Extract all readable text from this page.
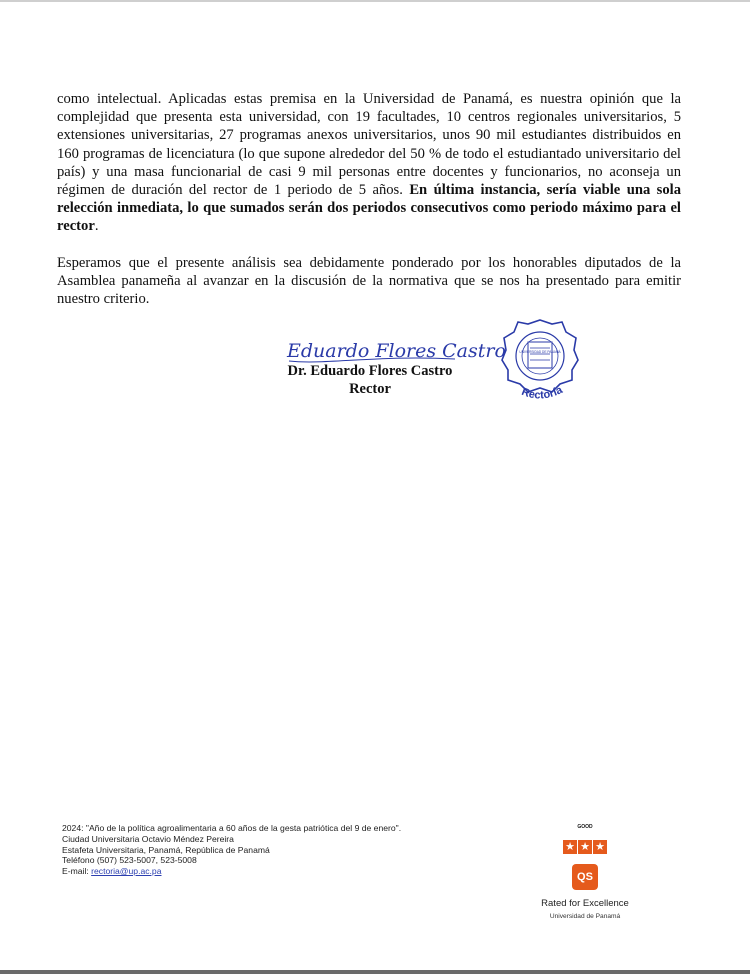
como intelectual. Aplicadas estas premisa en la Universidad de Panamá, es nuestra opinión que la complejidad que presenta esta universidad, con 19 facultades, 10 centros regionales universitarios, 5 extensiones universitarias, 27 programas anexos universitarios, unos 90 mil estudiantes distribuidos en 160 programas de licenciatura (lo que supone alrededor del 50 % de todo el estudiantado universitario del país) y una masa funcionarial de casi 9 mil personas entre docentes y funcionarios, no aconseja un régimen de duración del rector de 1 periodo de 5 años. En última instancia, sería viable una sola relección inmediata, lo que sumados serán dos periodos consecutivos como periodo máximo para el rector.

Esperamos que el presente análisis sea debidamente ponderado por los honorables diputados de la Asamblea panameña al avanzar en la discusión de la normativa que se nos ha presentado para emitir nuestro criterio.

Eduardo Flores Castro
Dr. Eduardo Flores Castro
Rector	Rectoría
UNIVERSIDAD DE PANAMÁ
2024: "Año de la política agroalimentaria a 60 años de la gesta patriótica del 9 de enero".
Ciudad Universitaria Octavio Méndez Pereira
Estafeta Universitaria, Panamá, República de Panamá
Teléfono (507) 523-5007, 523-5008
E-mail: rectoria@up.ac.pa
GOOD
★ ★ ★
QS
Rated for Excellence
Universidad de Panamá
